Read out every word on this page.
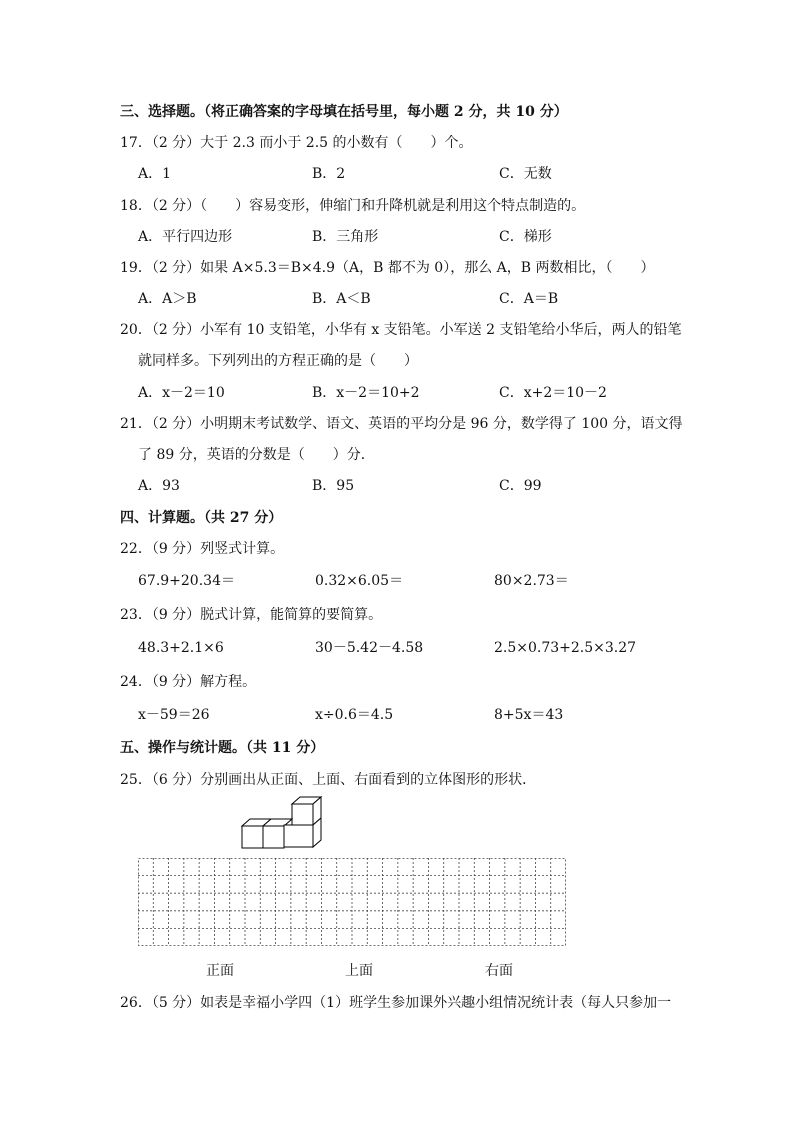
三、选择题。（将正确答案的字母填在括号里，每小题 2 分，共 10 分）
17．（2 分）大于 2.3 而小于 2.5 的小数有（　　）个。
A．1	B．2	C．无数
18．（2 分）（　　）容易变形，伸缩门和升降机就是利用这个特点制造的。
A．平行四边形	B．三角形	C．梯形
19．（2 分）如果 A×5.3＝B×4.9（A，B 都不为 0），那么 A，B 两数相比，（　　）
A．A＞B	B．A＜B	C．A＝B
20．（2 分）小军有 10 支铅笔，小华有 x 支铅笔。小军送 2 支铅笔给小华后，两人的铅笔
就同样多。下列列出的方程正确的是（　　）
A．x－2＝10	B．x－2＝10+2	C．x+2＝10－2
21．（2 分）小明期末考试数学、语文、英语的平均分是 96 分，数学得了 100 分，语文得
了 89 分，英语的分数是（　　）分．
A．93	B．95	C．99
四、计算题。（共 27 分）
22．（9 分）列竖式计算。
67.9+20.34＝	0.32×6.05＝	80×2.73＝
23．（9 分）脱式计算，能简算的要简算。
48.3+2.1×6	30－5.42－4.58	2.5×0.73+2.5×3.27
24．（9 分）解方程。
x－59＝26	x÷0.6＝4.5	8+5x＝43
五、操作与统计题。（共 11 分）
25．（6 分）分别画出从正面、上面、右面看到的立体图形的形状．
正面	上面	右面
26．（5 分）如表是幸福小学四（1）班学生参加课外兴趣小组情况统计表（每人只参加一
